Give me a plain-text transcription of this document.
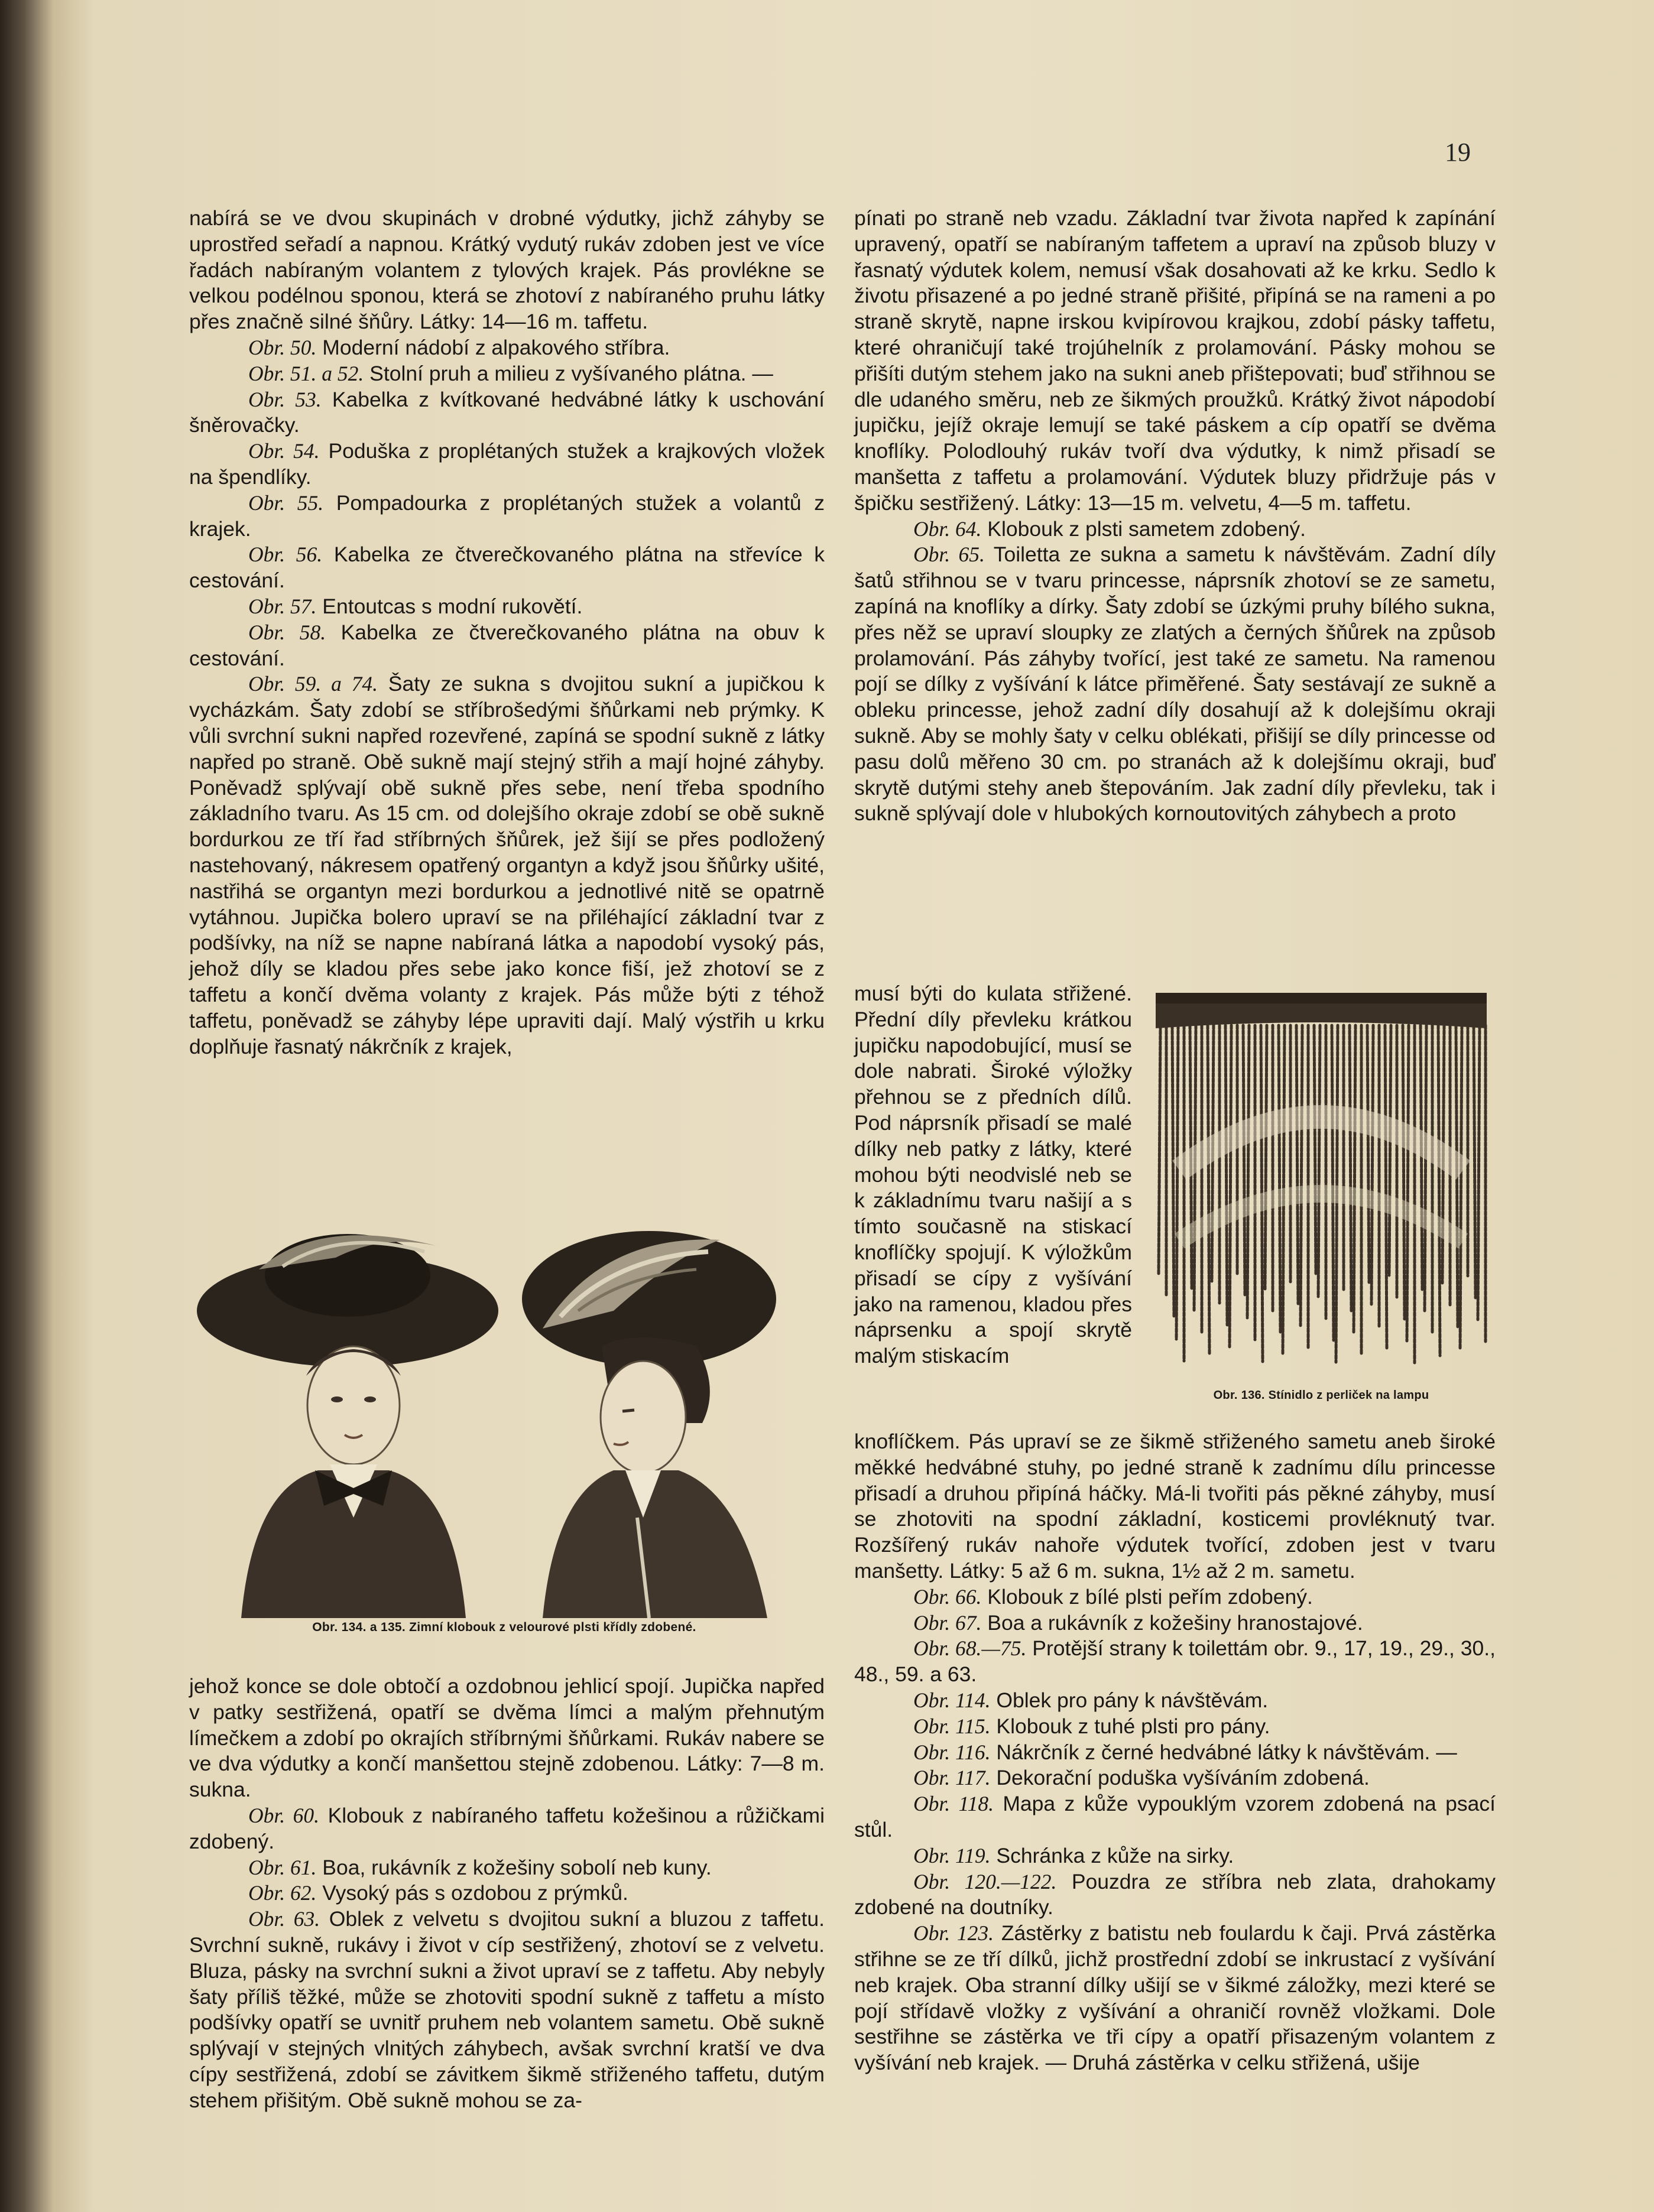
19

nabírá se ve dvou skupinách v drobné výdutky, jichž záhyby se uprostřed seřadí a napnou. Krátký vydutý rukáv zdoben jest ve více řadách nabíraným volantem z tylových krajek. Pás provlékne se velkou podélnou sponou, která se zhotoví z nabíraného pruhu látky přes značně silné šňůry. Látky: 14—16 m. taffetu.

Obr. 50. Moderní nádobí z alpakového stříbra.

Obr. 51. a 52. Stolní pruh a milieu z vyšívaného plátna. —

Obr. 53. Kabelka z kvítkované hedvábné látky k uschování šněrovačky.

Obr. 54. Poduška z proplétaných stužek a krajkových vložek na špendlíky.

Obr. 55. Pompadourka z proplétaných stužek a volantů z krajek.

Obr. 56. Kabelka ze čtverečkovaného plátna na střevíce k cestování.

Obr. 57. Entoutcas s modní rukovětí.

Obr. 58. Kabelka ze čtverečkovaného plátna na obuv k cestování.

Obr. 59. a 74. Šaty ze sukna s dvojitou sukní a jupičkou k vycházkám. Šaty zdobí se stříbrošedými šňůrkami neb prýmky. K vůli svrchní sukni napřed rozevřené, zapíná se spodní sukně z látky napřed po straně. Obě sukně mají stejný střih a mají hojné záhyby. Poněvadž splývají obě sukně přes sebe, není třeba spodního základního tvaru. As 15 cm. od dolejšího okraje zdobí se obě sukně bordurkou ze tří řad stříbrných šňůrek, jež šijí se přes podložený nastehovaný, nákresem opatřený organtyn a když jsou šňůrky ušité, nastřihá se organtyn mezi bordurkou a jednotlivé nitě se opatrně vytáhnou. Jupička bolero upraví se na přiléhající základní tvar z podšívky, na níž se napne nabíraná látka a napodobí vysoký pás, jehož díly se kladou přes sebe jako konce fiší, jež zhotoví se z taffetu a končí dvěma volanty z krajek. Pás může býti z téhož taffetu, poněvadž se záhyby lépe upraviti dají. Malý výstřih u krku doplňuje řasnatý nákrčník z krajek,

Obr. 134. a 135. Zimní klobouk z velourové plsti křídly zdobené.

jehož konce se dole obtočí a ozdobnou jehlicí spojí. Jupička napřed v patky sestřižená, opatří se dvěma límci a malým přehnutým límečkem a zdobí po okrajích stříbrnými šňůrkami. Rukáv nabere se ve dva výdutky a končí manšettou stejně zdobenou. Látky: 7—8 m. sukna.

Obr. 60. Klobouk z nabíraného taffetu kožešinou a růžičkami zdobený.

Obr. 61. Boa, rukávník z kožešiny sobolí neb kuny.

Obr. 62. Vysoký pás s ozdobou z prýmků.

Obr. 63. Oblek z velvetu s dvojitou sukní a bluzou z taffetu. Svrchní sukně, rukávy i život v cíp sestřižený, zhotoví se z velvetu. Bluza, pásky na svrchní sukni a život upraví se z taffetu. Aby nebyly šaty příliš těžké, může se zhotoviti spodní sukně z taffetu a místo podšívky opatří se uvnitř pruhem neb volantem sametu. Obě sukně splývají v stejných vlnitých záhybech, avšak svrchní kratší ve dva cípy sestřižená, zdobí se závitkem šikmě střiženého taffetu, dutým stehem přišitým. Obě sukně mohou se za-

pínati po straně neb vzadu. Základní tvar života napřed k zapínání upravený, opatří se nabíraným taffetem a upraví na způsob bluzy v řasnatý výdutek kolem, nemusí však dosahovati až ke krku. Sedlo k životu přisazené a po jedné straně přišité, připíná se na rameni a po straně skrytě, napne irskou kvipírovou krajkou, zdobí pásky taffetu, které ohraničují také trojúhelník z prolamování. Pásky mohou se přišíti dutým stehem jako na sukni aneb přištepovati; buď střihnou se dle udaného směru, neb ze šikmých proužků. Krátký život nápodobí jupičku, jejíž okraje lemují se také páskem a cíp opatří se dvěma knoflíky. Polodlouhý rukáv tvoří dva výdutky, k nimž přisadí se manšetta z taffetu a prolamování. Výdutek bluzy přidržuje pás v špičku sestřižený. Látky: 13—15 m. velvetu, 4—5 m. taffetu.

Obr. 64. Klobouk z plsti sametem zdobený.

Obr. 65. Toiletta ze sukna a sametu k návštěvám. Zadní díly šatů střihnou se v tvaru princesse, náprsník zhotoví se ze sametu, zapíná na knoflíky a dírky. Šaty zdobí se úzkými pruhy bílého sukna, přes něž se upraví sloupky ze zlatých a černých šňůrek na způsob prolamování. Pás záhyby tvořící, jest také ze sametu. Na ramenou pojí se dílky z vyšívání k látce přiměřené. Šaty sestávají ze sukně a obleku princesse, jehož zadní díly dosahují až k dolejšímu okraji sukně. Aby se mohly šaty v celku oblékati, přišijí se díly princesse od pasu dolů měřeno 30 cm. po stranách až k dolejšímu okraji, buď skrytě dutými stehy aneb štepováním. Jak zadní díly převleku, tak i sukně splývají dole v hlubokých kornoutovitých záhybech a proto

musí býti do kulata střižené. Přední díly převleku krátkou jupičku napodobující, musí se dole nabrati. Široké výložky přehnou se z předních dílů. Pod náprsník přisadí se malé dílky neb patky z látky, které mohou býti neodvislé neb se k základnímu tvaru našijí a s tímto současně na stiskací knoflíčky spojují. K výložkům přisadí se cípy z vyšívání jako na ramenou, kladou přes náprsenku a spojí skrytě malým stiskacím
Obr. 136. Stínidlo z perliček na lampu

knoflíčkem. Pás upraví se ze šikmě střiženého sametu aneb široké měkké hedvábné stuhy, po jedné straně k zadnímu dílu princesse přisadí a druhou připíná háčky. Má-li tvořiti pás pěkné záhyby, musí se zhotoviti na spodní základní, kosticemi provléknutý tvar. Rozšířený rukáv nahoře výdutek tvořící, zdoben jest v tvaru manšetty. Látky: 5 až 6 m. sukna, 1½ až 2 m. sametu.

Obr. 66. Klobouk z bílé plsti peřím zdobený.

Obr. 67. Boa a rukávník z kožešiny hranostajové.

Obr. 68.—75. Protější strany k toilettám obr. 9., 17, 19., 29., 30., 48., 59. a 63.

Obr. 114. Oblek pro pány k návštěvám.

Obr. 115. Klobouk z tuhé plsti pro pány.

Obr. 116. Nákrčník z černé hedvábné látky k návštěvám. —

Obr. 117. Dekorační poduška vyšíváním zdobená.

Obr. 118. Mapa z kůže vypouklým vzorem zdobená na psací stůl.

Obr. 119. Schránka z kůže na sirky.

Obr. 120.—122. Pouzdra ze stříbra neb zlata, drahokamy zdobené na doutníky.

Obr. 123. Zástěrky z batistu neb foulardu k čaji. Prvá zástěrka střihne se ze tří dílků, jichž prostřední zdobí se inkrustací z vyšívání neb krajek. Oba stranní dílky ušijí se v šikmé záložky, mezi které se pojí střídavě vložky z vyšívání a ohraničí rovněž vložkami. Dole sestřihne se zástěrka ve tři cípy a opatří přisazeným volantem z vyšívání neb krajek. — Druhá zástěrka v celku střižená, ušije
